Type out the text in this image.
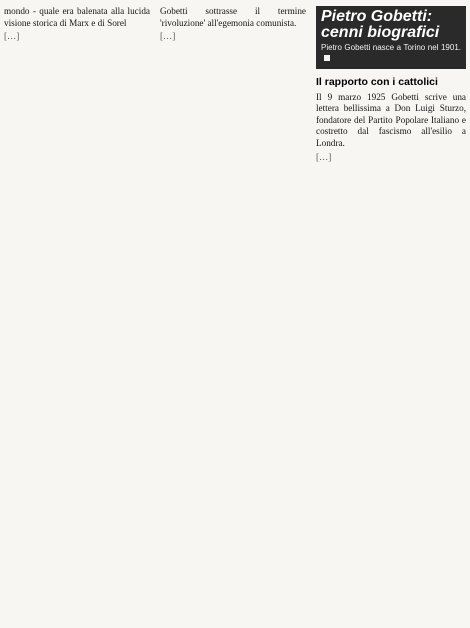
mondo - quale era balenata alla lucida visione storica di Marx e di Sorel

[…]

Gobetti sottrasse il termine 'rivoluzione' all'egemonia comunista.

[…]

Pietro Gobetti:
cenni biografici

Pietro Gobetti nasce a Torino nel 1901.

Il rapporto con i cattolici

Il 9 marzo 1925 Gobetti scrive una lettera bellissima a Don Luigi Sturzo, fondatore del Partito Popolare Italiano e costretto dal fascismo all'esilio a Londra.

[…]
